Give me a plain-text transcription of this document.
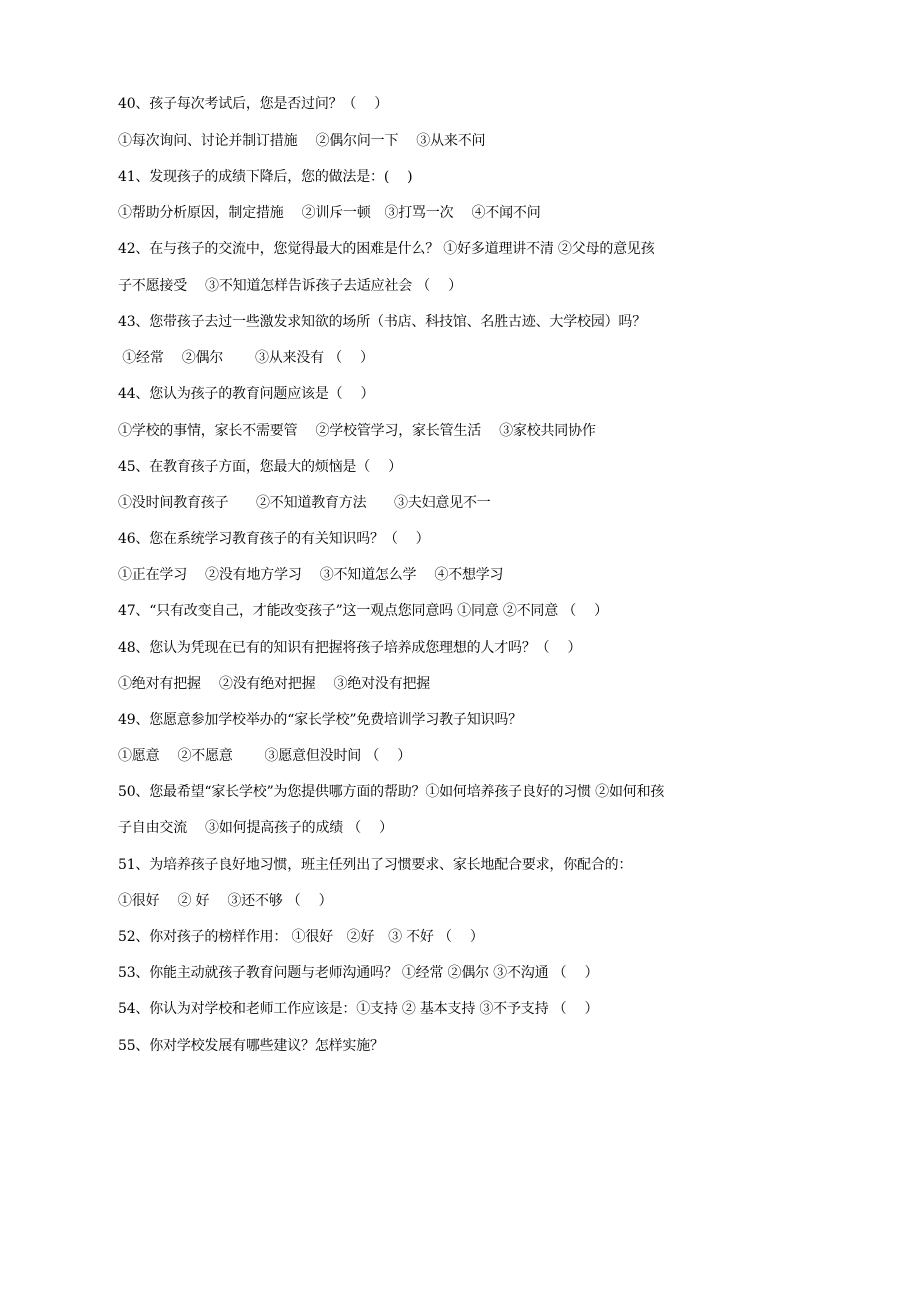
40、孩子每次考试后，您是否过问？（　 ）
①每次询问、讨论并制订措施　 ②偶尔问一下　 ③从来不问
41、发现孩子的成绩下降后，您的做法是：(　 )
①帮助分析原因，制定措施　 ②训斥一顿　③打骂一次　 ④不闻不问
42、在与孩子的交流中，您觉得最大的困难是什么？ ①好多道理讲不清 ②父母的意见孩
子不愿接受　 ③不知道怎样告诉孩子去适应社会 （　 ）
43、您带孩子去过一些激发求知欲的场所（书店、科技馆、名胜古迹、大学校园）吗？
①经常　 ②偶尔　　 ③从来没有 （　 ）
44、您认为孩子的教育问题应该是（　 ）
①学校的事情，家长不需要管　 ②学校管学习，家长管生活　 ③家校共同协作
45、在教育孩子方面，您最大的烦恼是（　 ）
①没时间教育孩子　　②不知道教育方法　　③夫妇意见不一
46、您在系统学习教育孩子的有关知识吗？（　 ）
①正在学习　 ②没有地方学习　 ③不知道怎么学　 ④不想学习
47、“只有改变自己，才能改变孩子”这一观点您同意吗 ①同意 ②不同意 （　 ）
48、您认为凭现在已有的知识有把握将孩子培养成您理想的人才吗？（　 ）
①绝对有把握　 ②没有绝对把握　 ③绝对没有把握
49、您愿意参加学校举办的“家长学校”免费培训学习教子知识吗？
①愿意　 ②不愿意　　 ③愿意但没时间 （　 ）
50、您最希望“家长学校”为您提供哪方面的帮助？①如何培养孩子良好的习惯 ②如何和孩
子自由交流　 ③如何提高孩子的成绩 （　 ）
51、为培养孩子良好地习惯，班主任列出了习惯要求、家长地配合要求，你配合的：
①很好　 ② 好　 ③还不够 （　 ）
52、你对孩子的榜样作用： ①很好　②好　③ 不好 （　 ）
53、你能主动就孩子教育问题与老师沟通吗？ ①经常 ②偶尔 ③不沟通 （　 ）
54、你认为对学校和老师工作应该是：①支持 ② 基本支持 ③不予支持 （　 ）
55、你对学校发展有哪些建议？怎样实施？
